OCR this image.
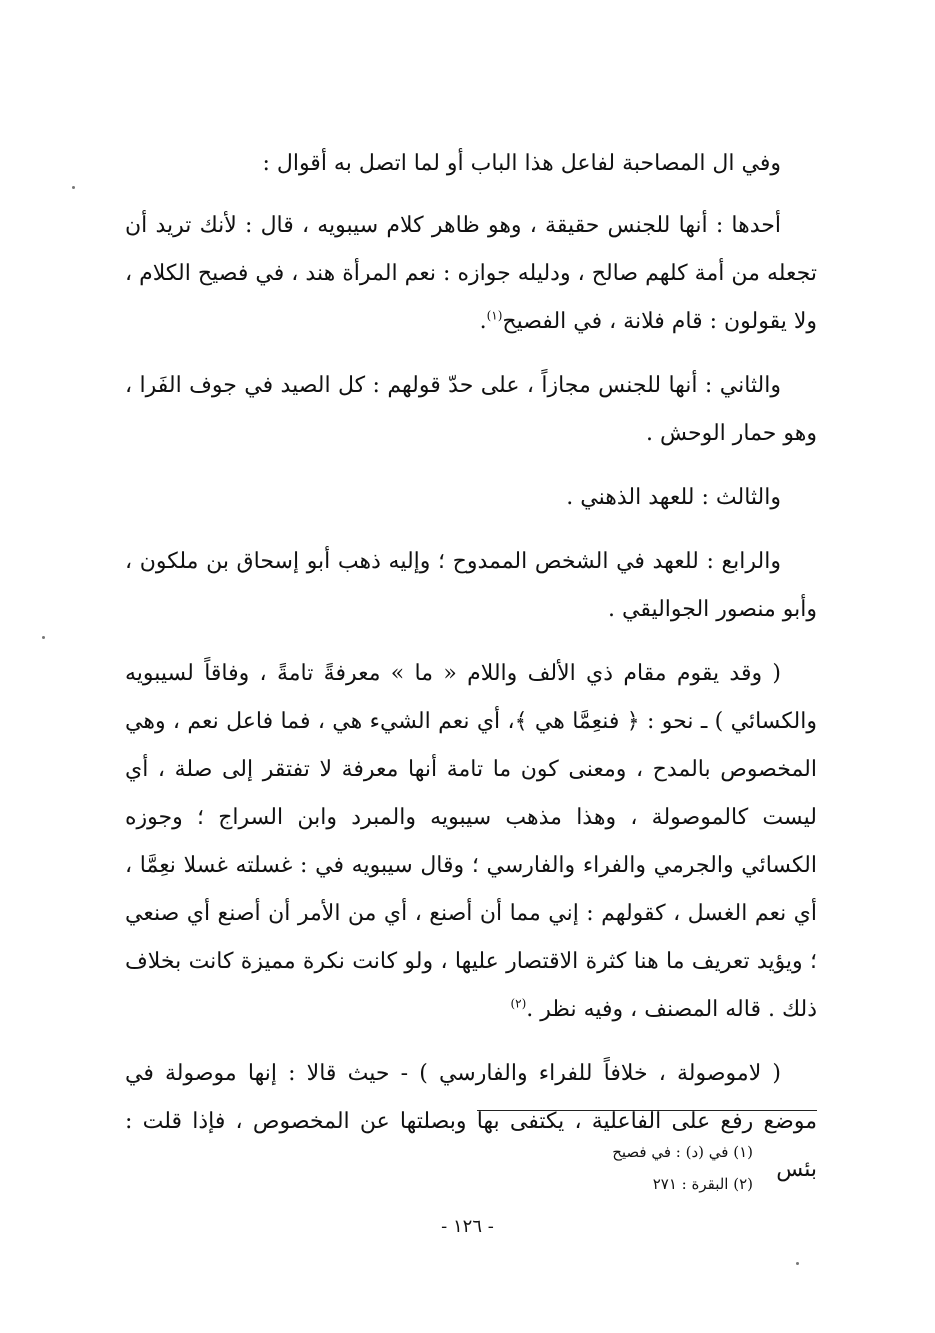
وفي ال المصاحبة لفاعل هذا الباب أو لما اتصل به أقوال :

أحدها : أنها للجنس حقيقة ، وهو ظاهر كلام سيبويه ، قال : لأنك تريد أن تجعله من أمة كلهم صالح ، ودليله جوازه : نعم المرأة هند ، في فصيح الكلام ، ولا يقولون : قام فلانة ، في الفصيح$^{(١)}$.

والثاني : أنها للجنس مجازاً ، على حدّ قولهم : كل الصيد في جوف الفَرا ، وهو حمار الوحش .

والثالث : للعهد الذهني .

والرابع : للعهد في الشخص الممدوح ؛ وإليه ذهب أبو إسحاق بن ملكون ، وأبو منصور الجواليقي .

( وقد يقوم مقام ذي الألف واللام « ما » معرفةً تامةً ، وفاقاً لسيبويه والكسائي ) ـ نحو : ﴿ فنعِمَّا هي ﴾، أي نعم الشيء هي ، فما فاعل نعم ، وهي المخصوص بالمدح ، ومعنى كون ما تامة أنها معرفة لا تفتقر إلى صلة ، أي ليست كالموصولة ، وهذا مذهب سيبويه والمبرد وابن السراج ؛ وجوزه الكسائي والجرمي والفراء والفارسي ؛ وقال سيبويه في : غسلته غسلا نعِمَّا ، أي نعم الغسل ، كقولهم : إني مما أن أصنع ، أي من الأمر أن أصنع أي صنعي ؛ ويؤيد تعريف ما هنا كثرة الاقتصار عليها ، ولو كانت نكرة مميزة كانت بخلاف ذلك . قاله المصنف ، وفيه نظر .$^{(٢)}$

( لاموصولة ، خلافاً للفراء والفارسي ) - حيث قالا : إنها موصولة في موضع رفع على الفاعلية ، يكتفى بها وبصلتها عن المخصوص ، فإذا قلت : بئس

(١) في (د) : في فصيح

(٢) البقرة : ٢٧١

- ١٢٦ -
